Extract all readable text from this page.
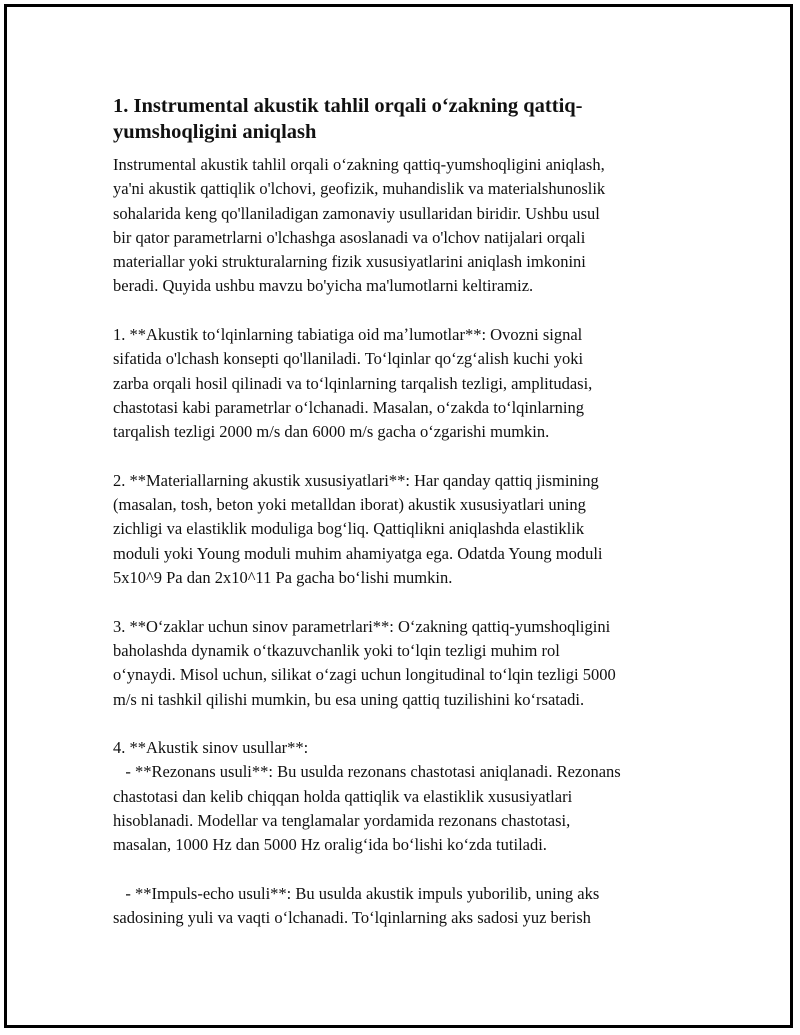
1. Instrumental akustik tahlil orqali oʻzakning qattiq-
yumshoqligini aniqlash

Instrumental akustik tahlil orqali oʻzakning qattiq-yumshoqligini aniqlash,
ya'ni akustik qattiqlik o'lchovi, geofizik, muhandislik va materialshunoslik
sohalarida keng qo'llaniladigan zamonaviy usullaridan biridir. Ushbu usul
bir qator parametrlarni o'lchashga asoslanadi va o'lchov natijalari orqali
materiallar yoki strukturalarning fizik xususiyatlarini aniqlash imkonini
beradi. Quyida ushbu mavzu bo'yicha ma'lumotlarni keltiramiz.

1. **Akustik toʻlqinlarning tabiatiga oid maʼlumotlar**: Ovozni signal
sifatida o'lchash konsepti qo'llaniladi. Toʻlqinlar qoʻzgʻalish kuchi yoki
zarba orqali hosil qilinadi va toʻlqinlarning tarqalish tezligi, amplitudasi,
chastotasi kabi parametrlar oʻlchanadi. Masalan, oʻzakda toʻlqinlarning
tarqalish tezligi 2000 m/s dan 6000 m/s gacha oʻzgarishi mumkin.

2. **Materiallarning akustik xususiyatlari**: Har qanday qattiq jismining
(masalan, tosh, beton yoki metalldan iborat) akustik xususiyatlari uning
zichligi va elastiklik moduliga bogʻliq. Qattiqlikni aniqlashda elastiklik
moduli yoki Young moduli muhim ahamiyatga ega. Odatda Young moduli
5x10^9 Pa dan 2x10^11 Pa gacha boʻlishi mumkin.

3. **Oʻzaklar uchun sinov parametrlari**: Oʻzakning qattiq-yumshoqligini
baholashda dynamik oʻtkazuvchanlik yoki toʻlqin tezligi muhim rol
oʻynaydi. Misol uchun, silikat oʻzagi uchun longitudinal toʻlqin tezligi 5000
m/s ni tashkil qilishi mumkin, bu esa uning qattiq tuzilishini koʻrsatadi.

4. **Akustik sinov usullar**:
- **Rezonans usuli**: Bu usulda rezonans chastotasi aniqlanadi. Rezonans
chastotasi dan kelib chiqqan holda qattiqlik va elastiklik xususiyatlari
hisoblanadi. Modellar va tenglamalar yordamida rezonans chastotasi,
masalan, 1000 Hz dan 5000 Hz oraligʻida boʻlishi koʻzda tutiladi.

- **Impuls-echo usuli**: Bu usulda akustik impuls yuborilib, uning aks
sadosining yuli va vaqti oʻlchanadi. Toʻlqinlarning aks sadosi yuz berish
